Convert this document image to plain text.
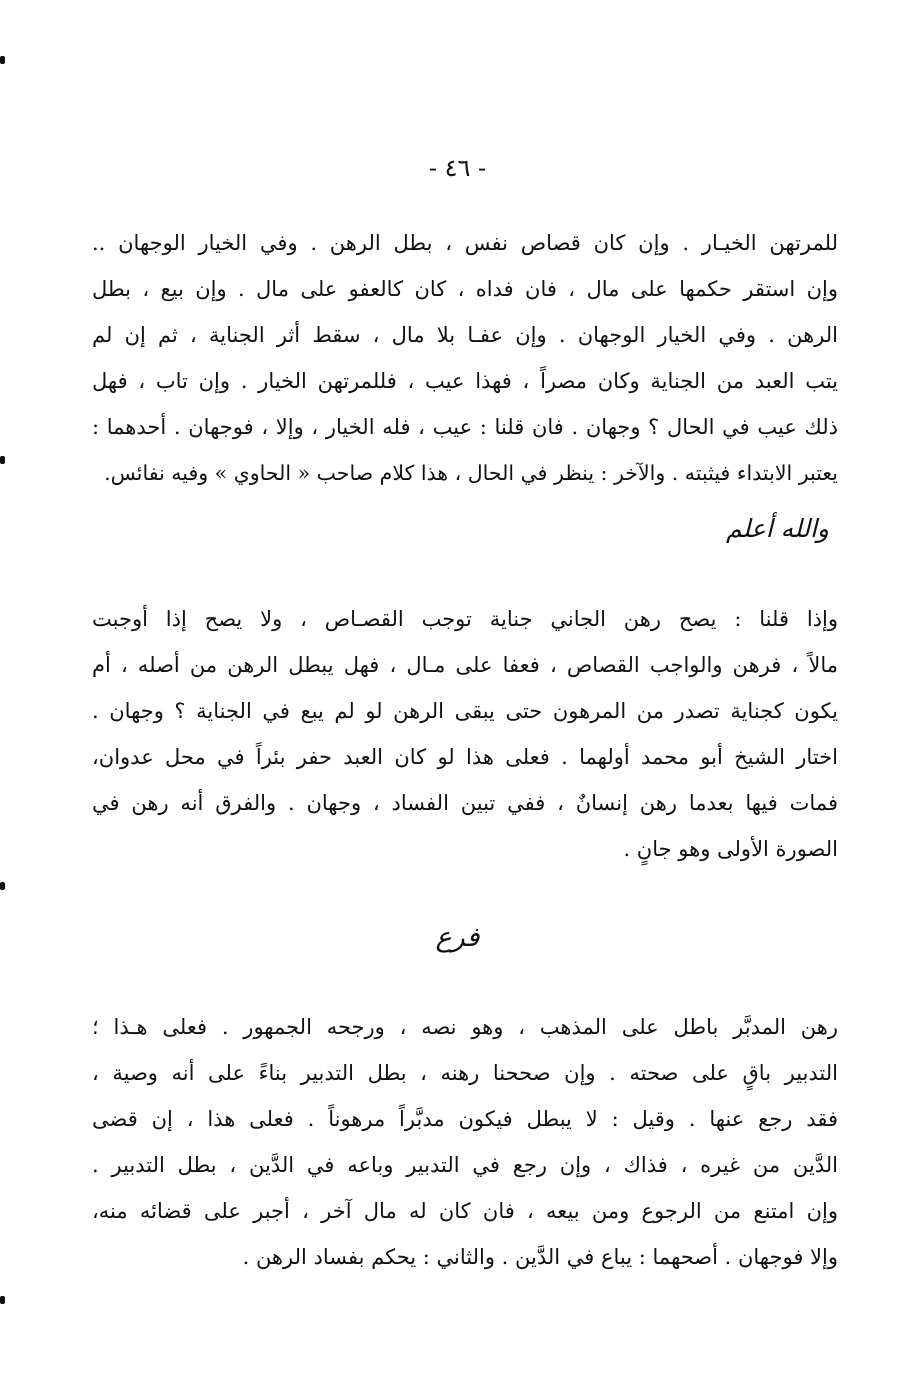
- ٤٦ -
للمرتهن الخيـار . وإن كان قصاص نفس ، بطل الرهن . وفي الخيار الوجهان ..
وإن استقر حكمها على مال ، فان فداه ، كان كالعفو على مال . وإن بيع ، بطل
الرهن . وفي الخيار الوجهان . وإن عفـا بلا مال ، سقط أثر الجناية ، ثم إن لم
يتب العبد من الجناية وكان مصراً ، فهذا عيب ، فللمرتهن الخيار . وإن تاب ، فهل
ذلك عيب في الحال ؟ وجهان . فان قلنا : عيب ، فله الخيار ، وإلا ، فوجهان . أحدهما :
يعتبر الابتداء فيثبته . والآخر : ينظر في الحال ، هذا كلام صاحب « الحاوي » وفيه نفائس.
والله أعلم
وإذا قلنا : يصح رهن الجاني جناية توجب القصـاص ، ولا يصح إذا أوجبت
مالاً ، فرهن والواجب القصاص ، فعفا على مـال ، فهل يبطل الرهن من أصله ، أم
يكون كجناية تصدر من المرهون حتى يبقى الرهن لو لم يبع في الجناية ؟ وجهان .
اختار الشيخ أبو محمد أولهما . فعلى هذا لو كان العبد حفر بئراً في محل عدوان،
فمات فيها بعدما رهن إنسانٌ ، ففي تبين الفساد ، وجهان . والفرق أنه رهن في
الصورة الأولى وهو جانٍ .
فرع
رهن المدبَّر باطل على المذهب ، وهو نصه ، ورجحه الجمهور . فعلى هـذا ؛
التدبير باقٍ على صحته . وإن صححنا رهنه ، بطل التدبير بناءً على أنه وصية ،
فقد رجع عنها . وقيل : لا يبطل فيكون مدبَّراً مرهوناً . فعلى هذا ، إن قضى
الدَّين من غيره ، فذاك ، وإن رجع في التدبير وباعه في الدَّين ، بطل التدبير .
وإن امتنع من الرجوع ومن بيعه ، فان كان له مال آخر ، أجبر على قضائه منه،
وإلا فوجهان . أصحهما : يباع في الدَّين . والثاني : يحكم بفساد الرهن .
